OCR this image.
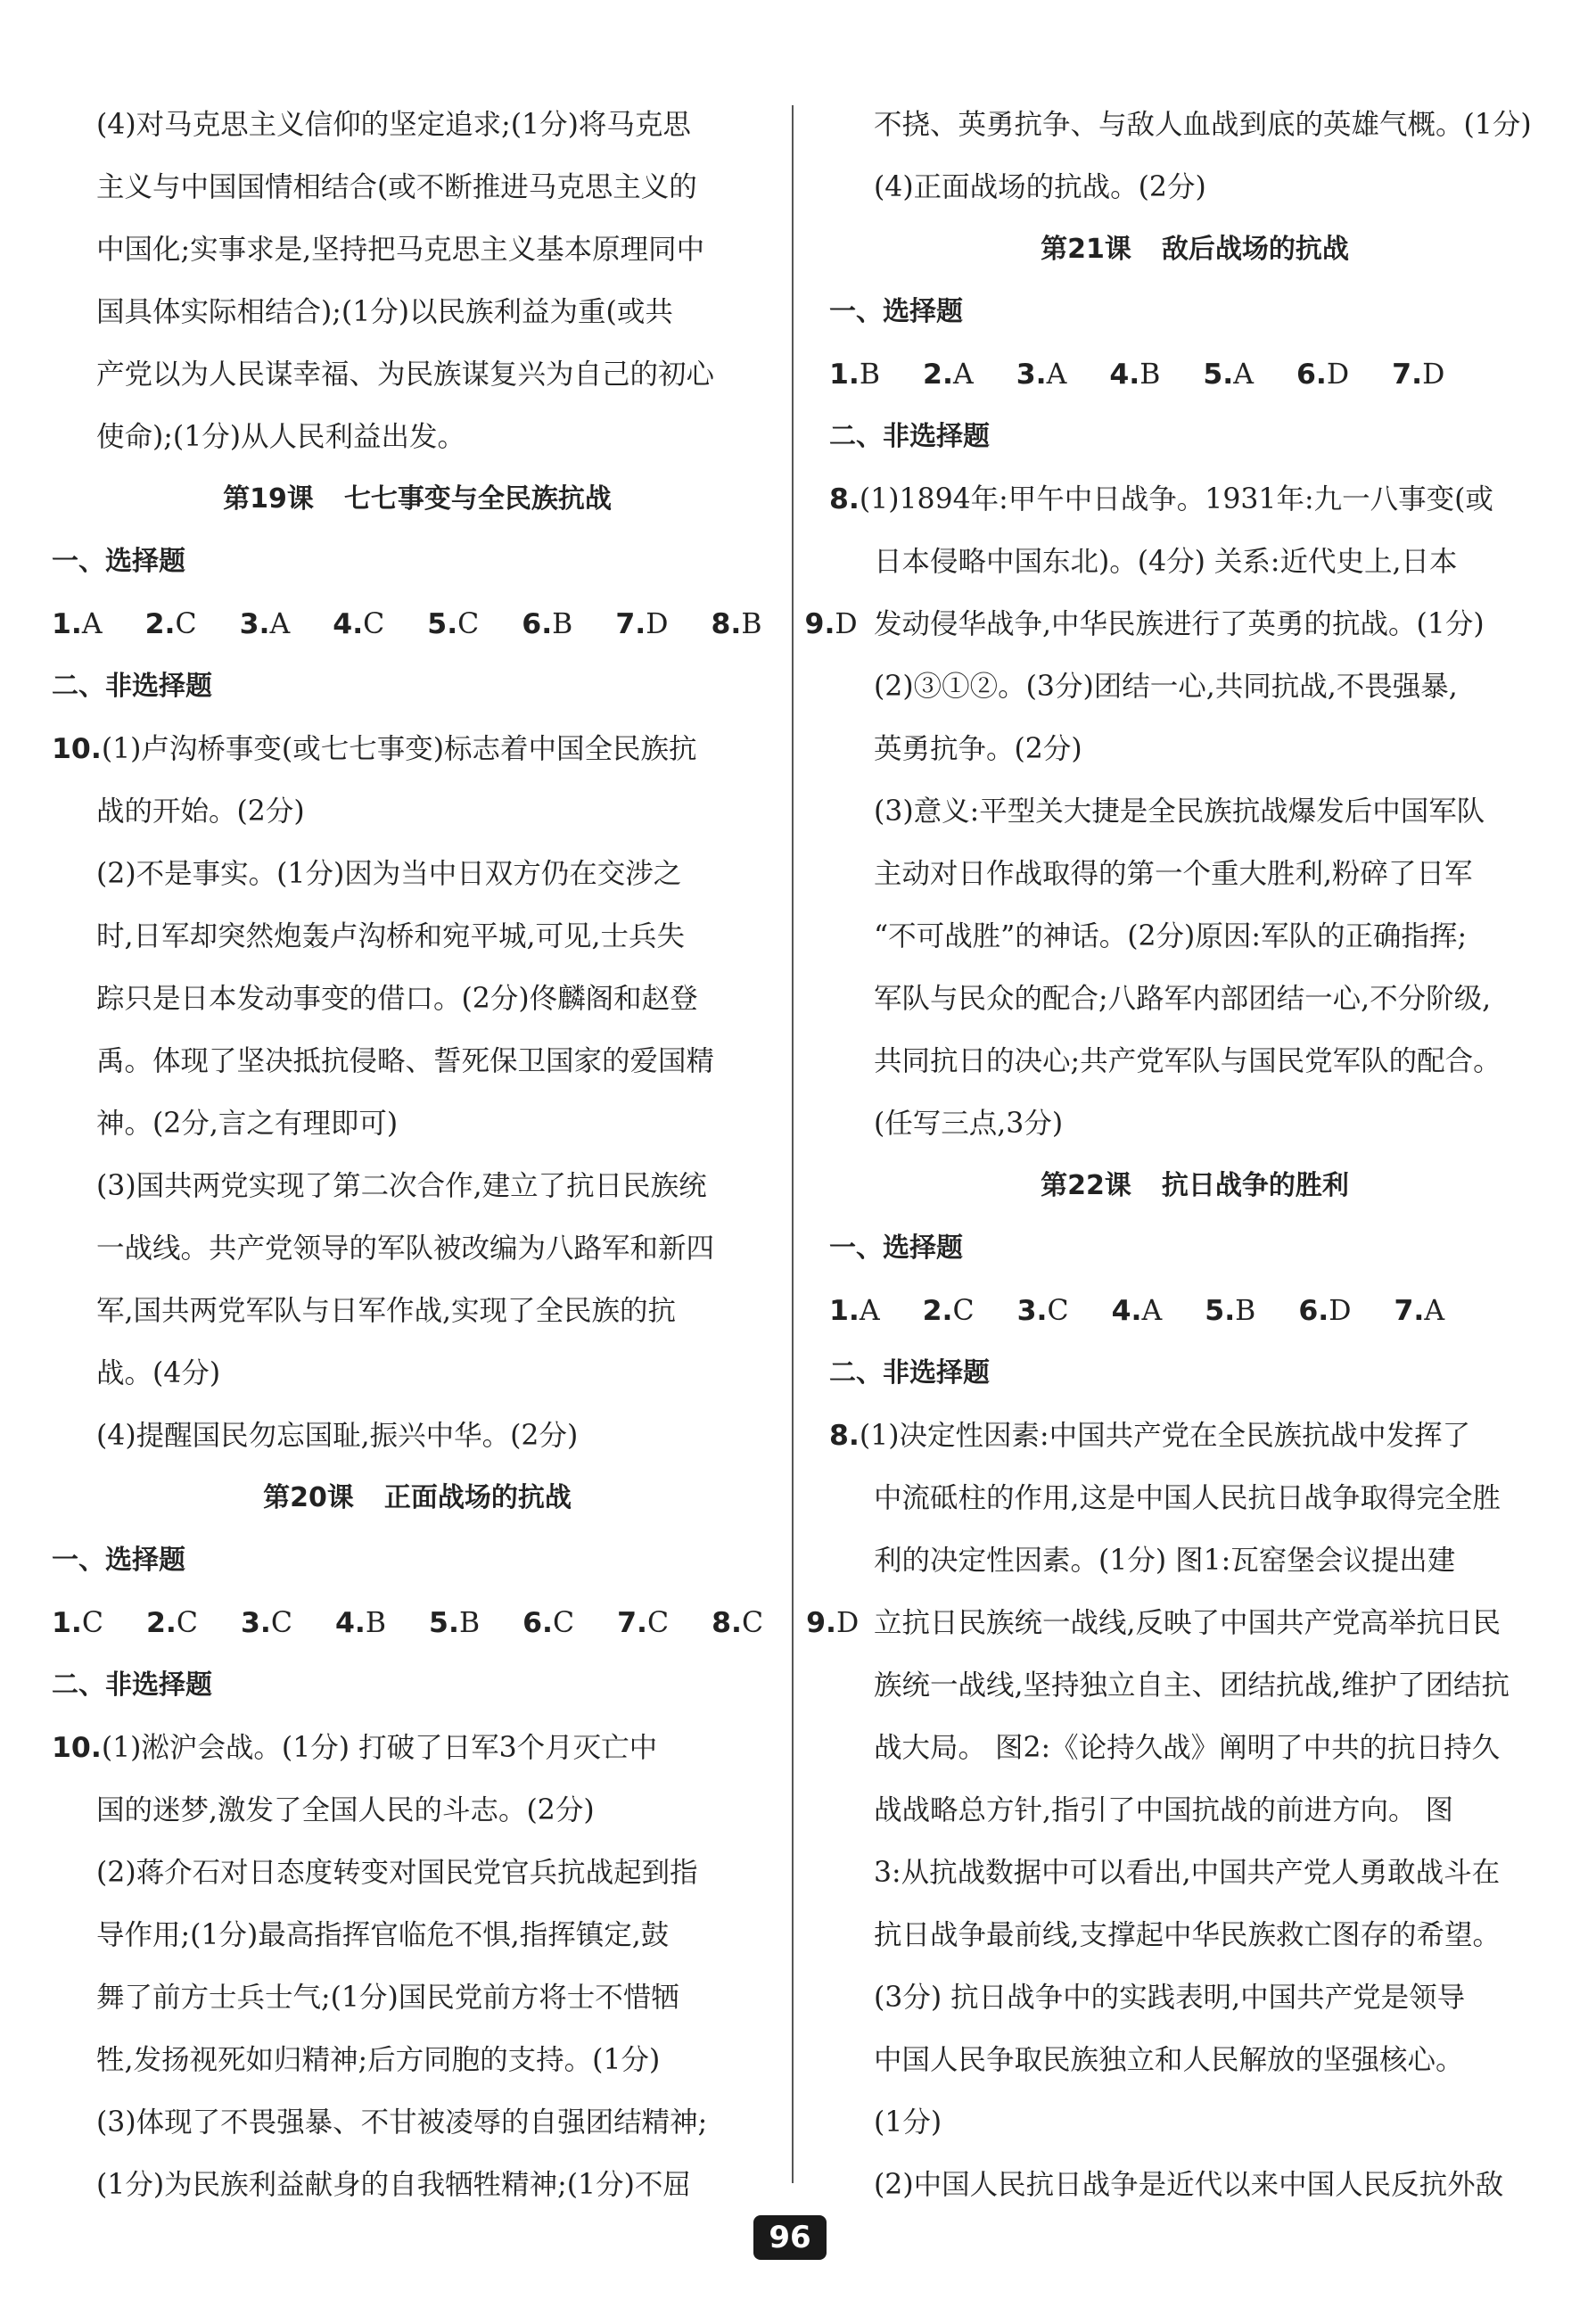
(4)对马克思主义信仰的坚定追求;(1分)将马克思
主义与中国国情相结合(或不断推进马克思主义的
中国化;实事求是,坚持把马克思主义基本原理同中
国具体实际相结合);(1分)以民族利益为重(或共
产党以为人民谋幸福、为民族谋复兴为自己的初心
使命);(1分)从人民利益出发。
第19课 七七事变与全民族抗战
一、选择题
1.A 2.C 3.A 4.C 5.C 6.B 7.D 8.B 9.D
二、非选择题
10.(1)卢沟桥事变(或七七事变)标志着中国全民族抗
战的开始。(2分)
(2)不是事实。(1分)因为当中日双方仍在交涉之
时,日军却突然炮轰卢沟桥和宛平城,可见,士兵失
踪只是日本发动事变的借口。(2分)佟麟阁和赵登
禹。体现了坚决抵抗侵略、誓死保卫国家的爱国精
神。(2分,言之有理即可)
(3)国共两党实现了第二次合作,建立了抗日民族统
一战线。共产党领导的军队被改编为八路军和新四
军,国共两党军队与日军作战,实现了全民族的抗
战。(4分)
(4)提醒国民勿忘国耻,振兴中华。(2分)
第20课 正面战场的抗战
一、选择题
1.C 2.C 3.C 4.B 5.B 6.C 7.C 8.C 9.D
二、非选择题
10.(1)淞沪会战。(1分) 打破了日军3个月灭亡中
国的迷梦,激发了全国人民的斗志。(2分)
(2)蒋介石对日态度转变对国民党官兵抗战起到指
导作用;(1分)最高指挥官临危不惧,指挥镇定,鼓
舞了前方士兵士气;(1分)国民党前方将士不惜牺
牲,发扬视死如归精神;后方同胞的支持。(1分)
(3)体现了不畏强暴、不甘被凌辱的自强团结精神;
(1分)为民族利益献身的自我牺牲精神;(1分)不屈
不挠、英勇抗争、与敌人血战到底的英雄气概。(1分)
(4)正面战场的抗战。(2分)
第21课 敌后战场的抗战
一、选择题
1.B 2.A 3.A 4.B 5.A 6.D 7.D
二、非选择题
8.(1)1894年:甲午中日战争。1931年:九一八事变(或
日本侵略中国东北)。(4分) 关系:近代史上,日本
发动侵华战争,中华民族进行了英勇的抗战。(1分)
(2)③①②。(3分)团结一心,共同抗战,不畏强暴,
英勇抗争。(2分)
(3)意义:平型关大捷是全民族抗战爆发后中国军队
主动对日作战取得的第一个重大胜利,粉碎了日军
“不可战胜”的神话。(2分)原因:军队的正确指挥;
军队与民众的配合;八路军内部团结一心,不分阶级,
共同抗日的决心;共产党军队与国民党军队的配合。
(任写三点,3分)
第22课 抗日战争的胜利
一、选择题
1.A 2.C 3.C 4.A 5.B 6.D 7.A
二、非选择题
8.(1)决定性因素:中国共产党在全民族抗战中发挥了
中流砥柱的作用,这是中国人民抗日战争取得完全胜
利的决定性因素。(1分) 图1:瓦窑堡会议提出建
立抗日民族统一战线,反映了中国共产党高举抗日民
族统一战线,坚持独立自主、团结抗战,维护了团结抗
战大局。 图2:《论持久战》阐明了中共的抗日持久
战战略总方针,指引了中国抗战的前进方向。 图
3:从抗战数据中可以看出,中国共产党人勇敢战斗在
抗日战争最前线,支撑起中华民族救亡图存的希望。
(3分) 抗日战争中的实践表明,中国共产党是领导
中国人民争取民族独立和人民解放的坚强核心。
(1分)
(2)中国人民抗日战争是近代以来中国人民反抗外敌
96
